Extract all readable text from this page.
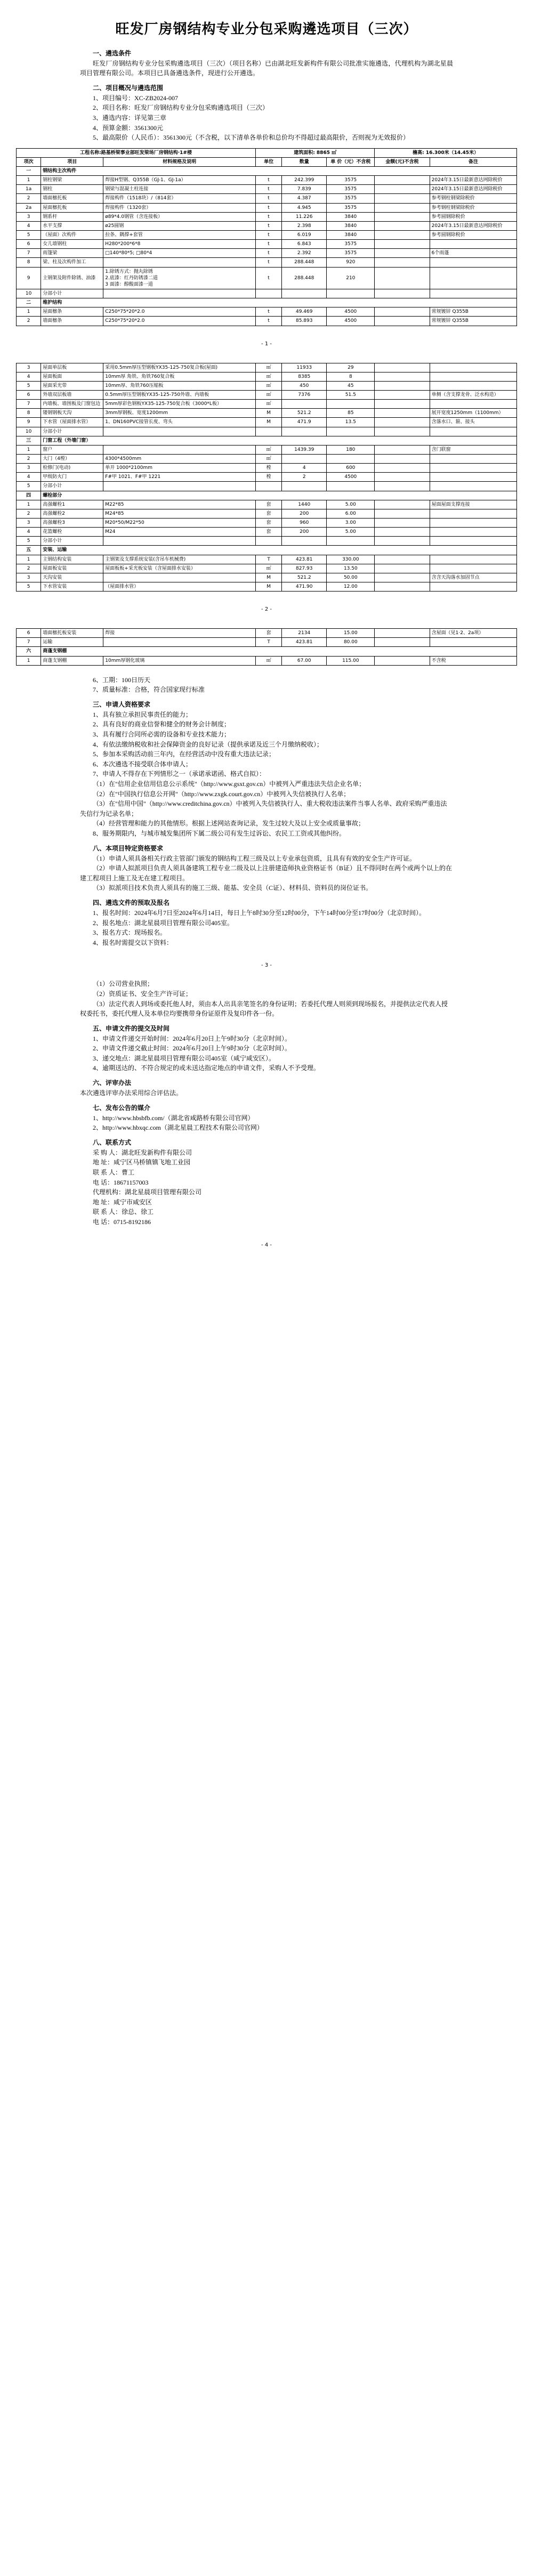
旺发厂房钢结构专业分包采购遴选项目（三次）
一、遴选条件

旺发厂房钢结构专业分包采购遴选项目（三次）（项目名称）已由湖北旺发新构件有限公司批准实施遴选，代理机构为湖北星晨项目管理有限公司。本项目已具备遴选条件，现进行公开遴选。

二、项目概况与遴选范围

1、项目编号：XC-ZB2024-007

2、项目名称：旺发厂房钢结构专业分包采购遴选项目（三次）

3、遴选内容：详见第三章

4、预算金额：3561300元

5、最高限价（人民币）：3561300元（不含税，以下清单各单价和总价均不得超过最高限价，否则视为无效报价）

工程名称:路基桥梁事业部旺发梁场厂房钢结构·1#楼			建筑面积: 8865 ㎡			檐高: 16.300米（14.45米）	
项次	项目	材料规格及说明	单位	数量	单 价（元）不含税	金额(元)不含税	备注
一	钢结构主次构件						
1	钢柱钢梁	焊接H型钢、Q355B（GJ-1、GJ-1a）	t	242.399	3575		2024年3.15日最新意达网除税价
1a	钢柱	钢梁与混凝土柱连接	t	7.839	3575		2024年3.15日最新意达网除税价
2	墙面檩托板	焊接构件（1518块）/（814套）	t	4.387	3575		参考钢柱钢梁除税价
2a	屋面檩托板	焊接构件（1320套）	t	4.945	3575		参考钢柱钢梁除税价
3	钢系杆	ø89*4.0钢管（含连接板）	t	11.226	3840		参考圆钢除税价
4	水平支撑	ø25圆钢	t	2.398	3840		2024年3.15日最新意达网除税价
5	（屋面）次构件	拉条、隅撑+套管	t	6.019	3840		参考圆钢除税价
6	女儿墙钢柱	H280*200*6*8	t	6.843	3575		
7	雨篷梁	□140*80*5; □80*4	t	2.392	3575		6个雨蓬
8	梁、柱及次构件加工		t	288.448	920		
9	主钢架及附件除锈、油漆	1.除锈方式：抛丸除锈
2.底漆：红丹防锈漆二道
3 面漆：醇酸面漆一道	t	288.448	210		
10	分部小计						
二	维护结构						
1	屋面檩条	C250*75*20*2.0	t	49.469	4500		常规镀锌 Q355B
2	墙面檩条	C250*75*20*2.0	t	85.893	4500		常规镀锌 Q355B
- 1 -
3	屋面单层板	采用0.5mm厚压型钢板YX35-125-750复合板(屋面)	㎡	11933	29		
4	屋面板面	10mm厚 角铁、角铁760复合板	㎡	8385	8		
5	屋面采光带	10mm厚、角铁760压缩板	㎡	450	45		
6	外墙双层板墙	0.5mm厚压型钢板YX35-125-750外墙、内墙板	㎡	7376	51.5		单侧（含支撑龙骨、泛水构造）
7	内墙板、墙围板及门窗包边	5mm厚彩色钢板YX35-125-750复合板（3000*L板）	㎡				
8	镂钢钢板天沟	3mm厚钢板、宽度1200mm	M	521.2	85		展开宽度1250mm（1100mm）
9	下水管（屋面排水管）	1、DN160PVC接管长度、弯头	M	471.9	13.5		含落水口、箍、接头
10	分部小计						
三	门窗工程（外墙门窗）						
1	窗户		㎡	1439.39	180		含门联窗
2	大门（4樘）	4300*4500mm	㎡				
3	检修门(电动)	单开 1000*2100mm	樘	4	600		
4	甲级防火门	F#甲 1021、F#甲 1221	樘	2	4500		
5	分部小计						
四	螺栓部分						
1	高强螺栓1	M22*85	套	1440	5.00		屋面屋面支撑连接
2	高强螺栓2	M24*85	套	200	6.00		
3	高强螺栓3	M20*50/M22*50	套	960	3.00		
4	花篮螺栓	M24	套	200	5.00		
5	分部小计						
五	安装、运输						
1	主钢结构安装	主钢架及支撑系统安装(含吊车机械费)	T	423.81	330.00		
2	屋面板安装	屋面板板+采光板安装（含屋面排水安装）	㎡	827.93	13.50		
3	天沟安装		M	521.2	50.00		含含天沟落水加固节点
5	下水管安装	（屋面排水管）	M	471.90	12.00		
- 2 -
6	墙面檩托板安装	焊接	套	2134	15.00		含屋面（见1·2、2a项）
7	运输		T	423.81	80.00		
六	商蓬支钢棚						
1	商蓬支钢棚	10mm厚钢化玻璃	㎡	67.00	115.00		不含税

6、工期：100日历天

7、质量标准：合格，符合国家现行标准

三、申请人资格要求

1、具有独立承担民事责任的能力；

2、具有良好的商业信誉和健全的财务会计制度；

3、具有履行合同所必需的设备和专业技术能力；

4、有依法缴纳税收和社会保障资金的良好记录（提供承诺及近三个月缴纳税收）；

5、参加本采购活动前三年内，在经营活动中没有重大违法记录；

6、本次遴选不接受联合体申请人；

7、申请人不得存在下列情形之一（承诺承诺函、格式自拟）：

（1）在"信用企业信用信息公示系统"（http://www.gsxt.gov.cn）中被列入严重违法失信企业名单；

（2）在"中国执行信息公开网"（http://www.zxgk.court.gov.cn）中被列入失信被执行人名单；

（3）在"信用中国"（http://www.creditchina.gov.cn）中被列入失信被执行人、重大税收违法案件当事人名单、政府采购严重违法失信行为记录名单；

（4）经营管理和能力的其他情形。根据上述网站查询记录，发生过较大及以上安全或质量事故；

8、服务期限内，与城市城发集团所下属二级公司有发生过诉讼、农民工工资或其他纠纷。

八、本项目特定资格要求

（1）申请人须具备相关行政主管部门颁发的钢结构工程三级及以上专业承包资质，且具有有效的安全生产许可证。

（2）申请人拟派项目负责人须具备建筑工程专业二级及以上注册建造师执业资格证书（B证）且不得同时在两个或两个以上的在建工程项目上施工及无在建工程项目。

（3）拟派项目技术负责人须具有的施工三级、能基、安全员（C证）、材料员、资料员的岗位证书。

四、遴选文件的预取及报名

1、报名时间：2024年6月7日至2024年6月14日，每日上午8时30分至12时00分，下午14时00分至17时00分（北京时间）。

2、报名地点：湖北星晨项目管理有限公司405室。

3、报名方式：现场报名。

4、报名时需提交以下资料：

- 3 -

（1）公司营业执照；

（2）资质证书、安全生产许可证；

（3）法定代表人到场或委托他人时，须由本人出具亲笔签名的身份证明；若委托代理人则须到现场报名，并提供法定代表人授权委托书，委托代理人及本单位均要携带身份证原件及复印件各一份。

五、申请文件的提交及时间

1、申请文件递交开始时间：2024年6月20日上午9时30分（北京时间）。

2、申请文件递交截止时间：2024年6月20日上午9时30分（北京时间）。

3、递交地点：湖北星晨项目管理有限公司405室（咸宁咸安区）。

4、逾期送达的、不符合规定的或未送达指定地点的申请文件，采购人不予受理。

六、评审办法

本次遴选评审办法采用综合评估法。

七、发布公告的媒介

1、http://www.hbsbfb.com/（湖北省咸路桥有限公司官网）

2、http://www.hbxqc.com（湖北星晨工程技术有限公司官网）

八、联系方式

采 购 人：湖北旺发新构件有限公司

地 址：咸宁区马桥镇镇飞地工业园

联 系 人：曹工

电 话：18671157003

代理机构：湖北星晨项目管理有限公司

地 址：咸宁市咸安区

联 系 人：徐总、徐工

电 话：0715-8192186

- 4 -
